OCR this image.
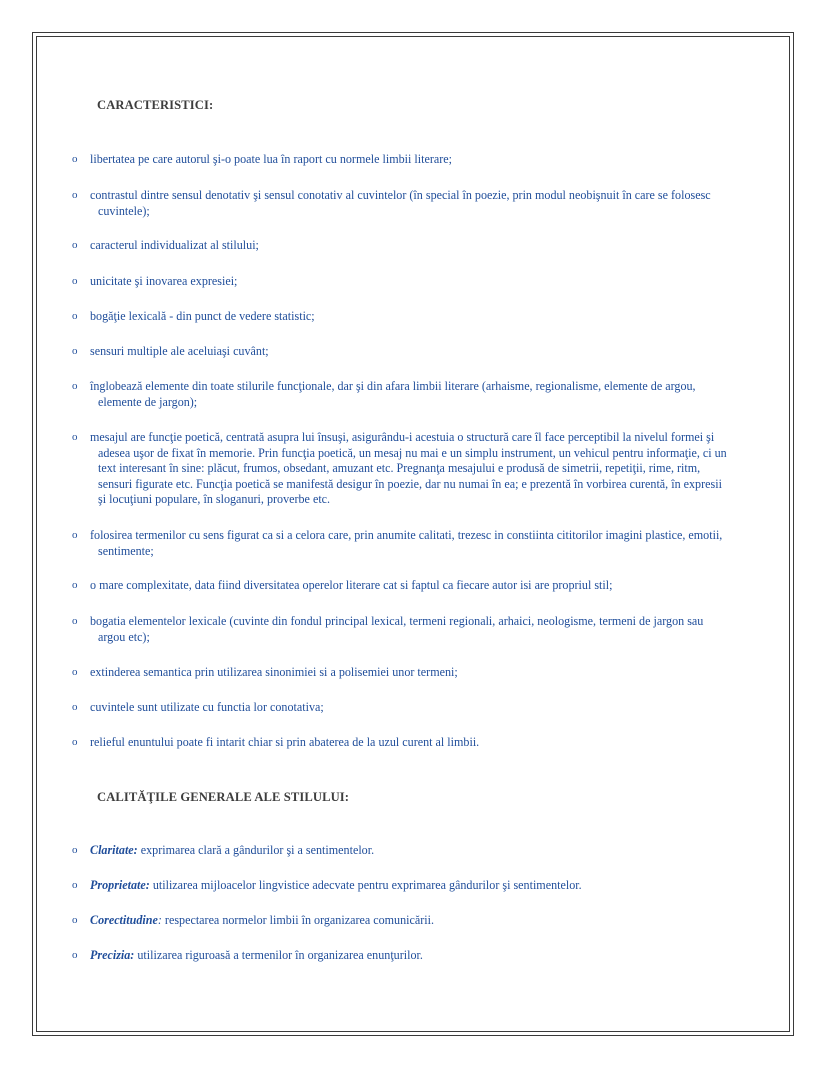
CARACTERISTICI:
o libertatea pe care autorul şi-o poate lua în raport cu normele limbii literare;
o contrastul dintre sensul denotativ şi sensul conotativ al cuvintelor (în special în poezie, prin modul neobişnuit în care se folosesc cuvintele);
o caracterul individualizat al stilului;
o unicitate şi inovarea expresiei;
o bogăţie lexicală - din punct de vedere statistic;
o sensuri multiple ale aceluiaşi cuvânt;
o înglobează elemente din toate stilurile funcţionale, dar şi din afara limbii literare (arhaisme, regionalisme, elemente de argou, elemente de jargon);
o mesajul are funcţie poetică, centrată asupra lui însuşi, asigurându-i acestuia o structură care îl face perceptibil la nivelul formei şi adesea uşor de fixat în memorie. Prin funcţia poetică, un mesaj nu mai e un simplu instrument, un vehicul pentru informaţie, ci un text interesant în sine: plăcut, frumos, obsedant, amuzant etc. Pregnanţa mesajului e produsă de simetrii, repetiţii, rime, ritm, sensuri figurate etc. Funcţia poetică se manifestă desigur în poezie, dar nu numai în ea; e prezentă în vorbirea curentă, în expresii şi locuţiuni populare, în sloganuri, proverbe etc.
o folosirea termenilor cu sens figurat ca si a celora care, prin anumite calitati, trezesc in constiinta cititorilor imagini plastice, emotii, sentimente;
o o mare complexitate, data fiind diversitatea operelor literare cat si faptul ca fiecare autor isi are propriul stil;
o bogatia elementelor lexicale (cuvinte din fondul principal lexical, termeni regionali, arhaici, neologisme, termeni de jargon sau argou etc);
o extinderea semantica prin utilizarea sinonimiei si a polisemiei unor termeni;
o cuvintele sunt utilizate cu functia lor conotativa;
o relieful enuntului poate fi intarit chiar si prin abaterea de la uzul curent al limbii.
CALITĂŢILE GENERALE ALE STILULUI:
o Claritate: exprimarea clară a gândurilor şi a sentimentelor.
o Proprietate: utilizarea mijloacelor lingvistice adecvate pentru exprimarea gândurilor şi sentimentelor.
o Corectitudine: respectarea normelor limbii în organizarea comunicării.
o Precizia: utilizarea riguroasă a termenilor în organizarea enunţurilor.
